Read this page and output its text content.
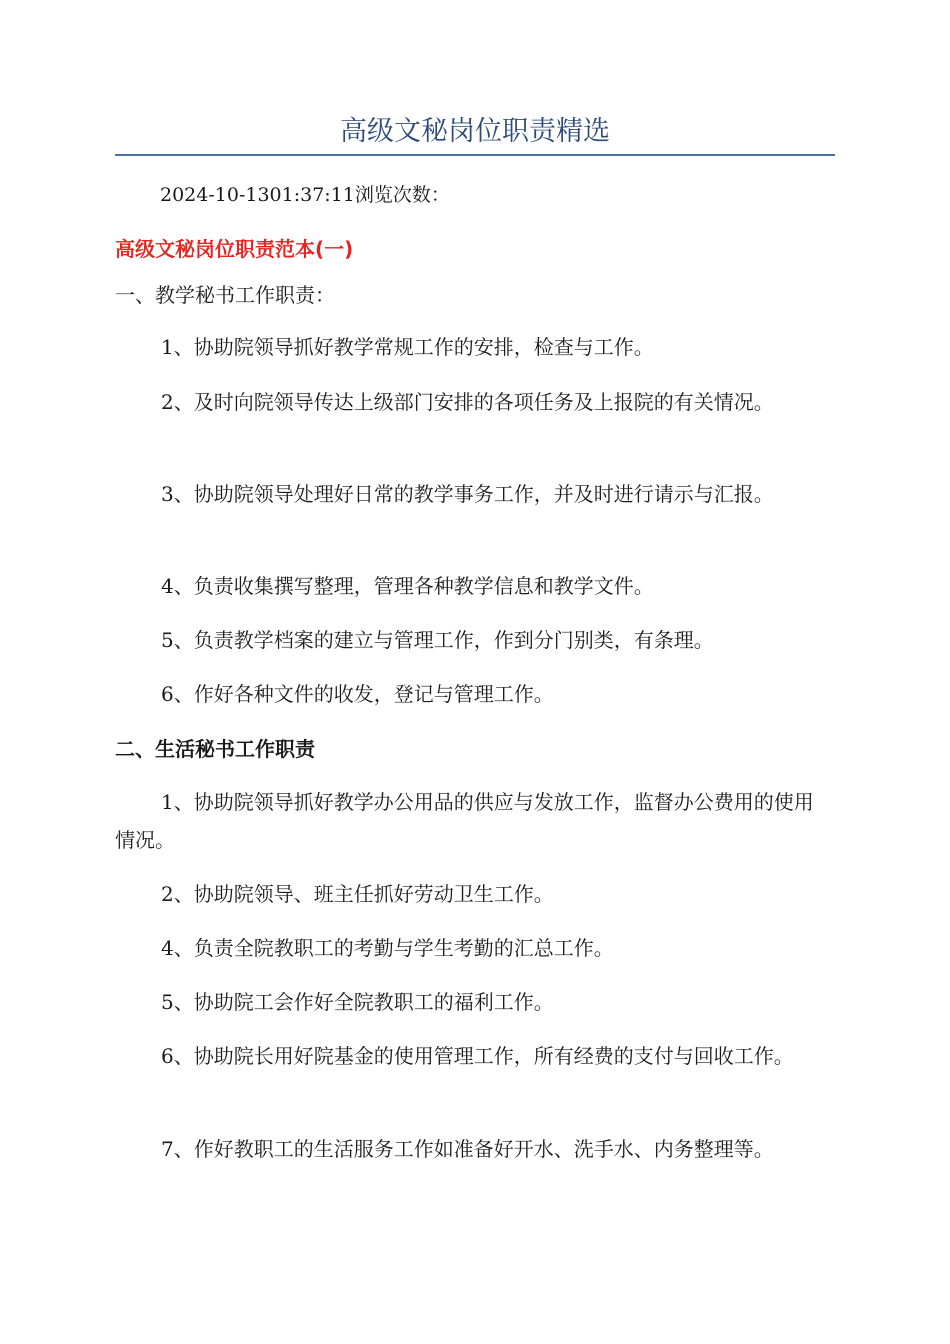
高级文秘岗位职责精选
2024-10-1301:37:11浏览次数：
高级文秘岗位职责范本(一)
一、教学秘书工作职责：

1、协助院领导抓好教学常规工作的安排，检查与工作。

2、及时向院领导传达上级部门安排的各项任务及上报院的有关情况。

3、协助院领导处理好日常的教学事务工作，并及时进行请示与汇报。

4、负责收集撰写整理，管理各种教学信息和教学文件。

5、负责教学档案的建立与管理工作，作到分门别类，有条理。

6、作好各种文件的收发，登记与管理工作。

二、生活秘书工作职责

1、协助院领导抓好教学办公用品的供应与发放工作，监督办公费用的使用情况。

2、协助院领导、班主任抓好劳动卫生工作。

4、负责全院教职工的考勤与学生考勤的汇总工作。

5、协助院工会作好全院教职工的福利工作。

6、协助院长用好院基金的使用管理工作，所有经费的支付与回收工作。

7、作好教职工的生活服务工作如准备好开水、洗手水、内务整理等。
